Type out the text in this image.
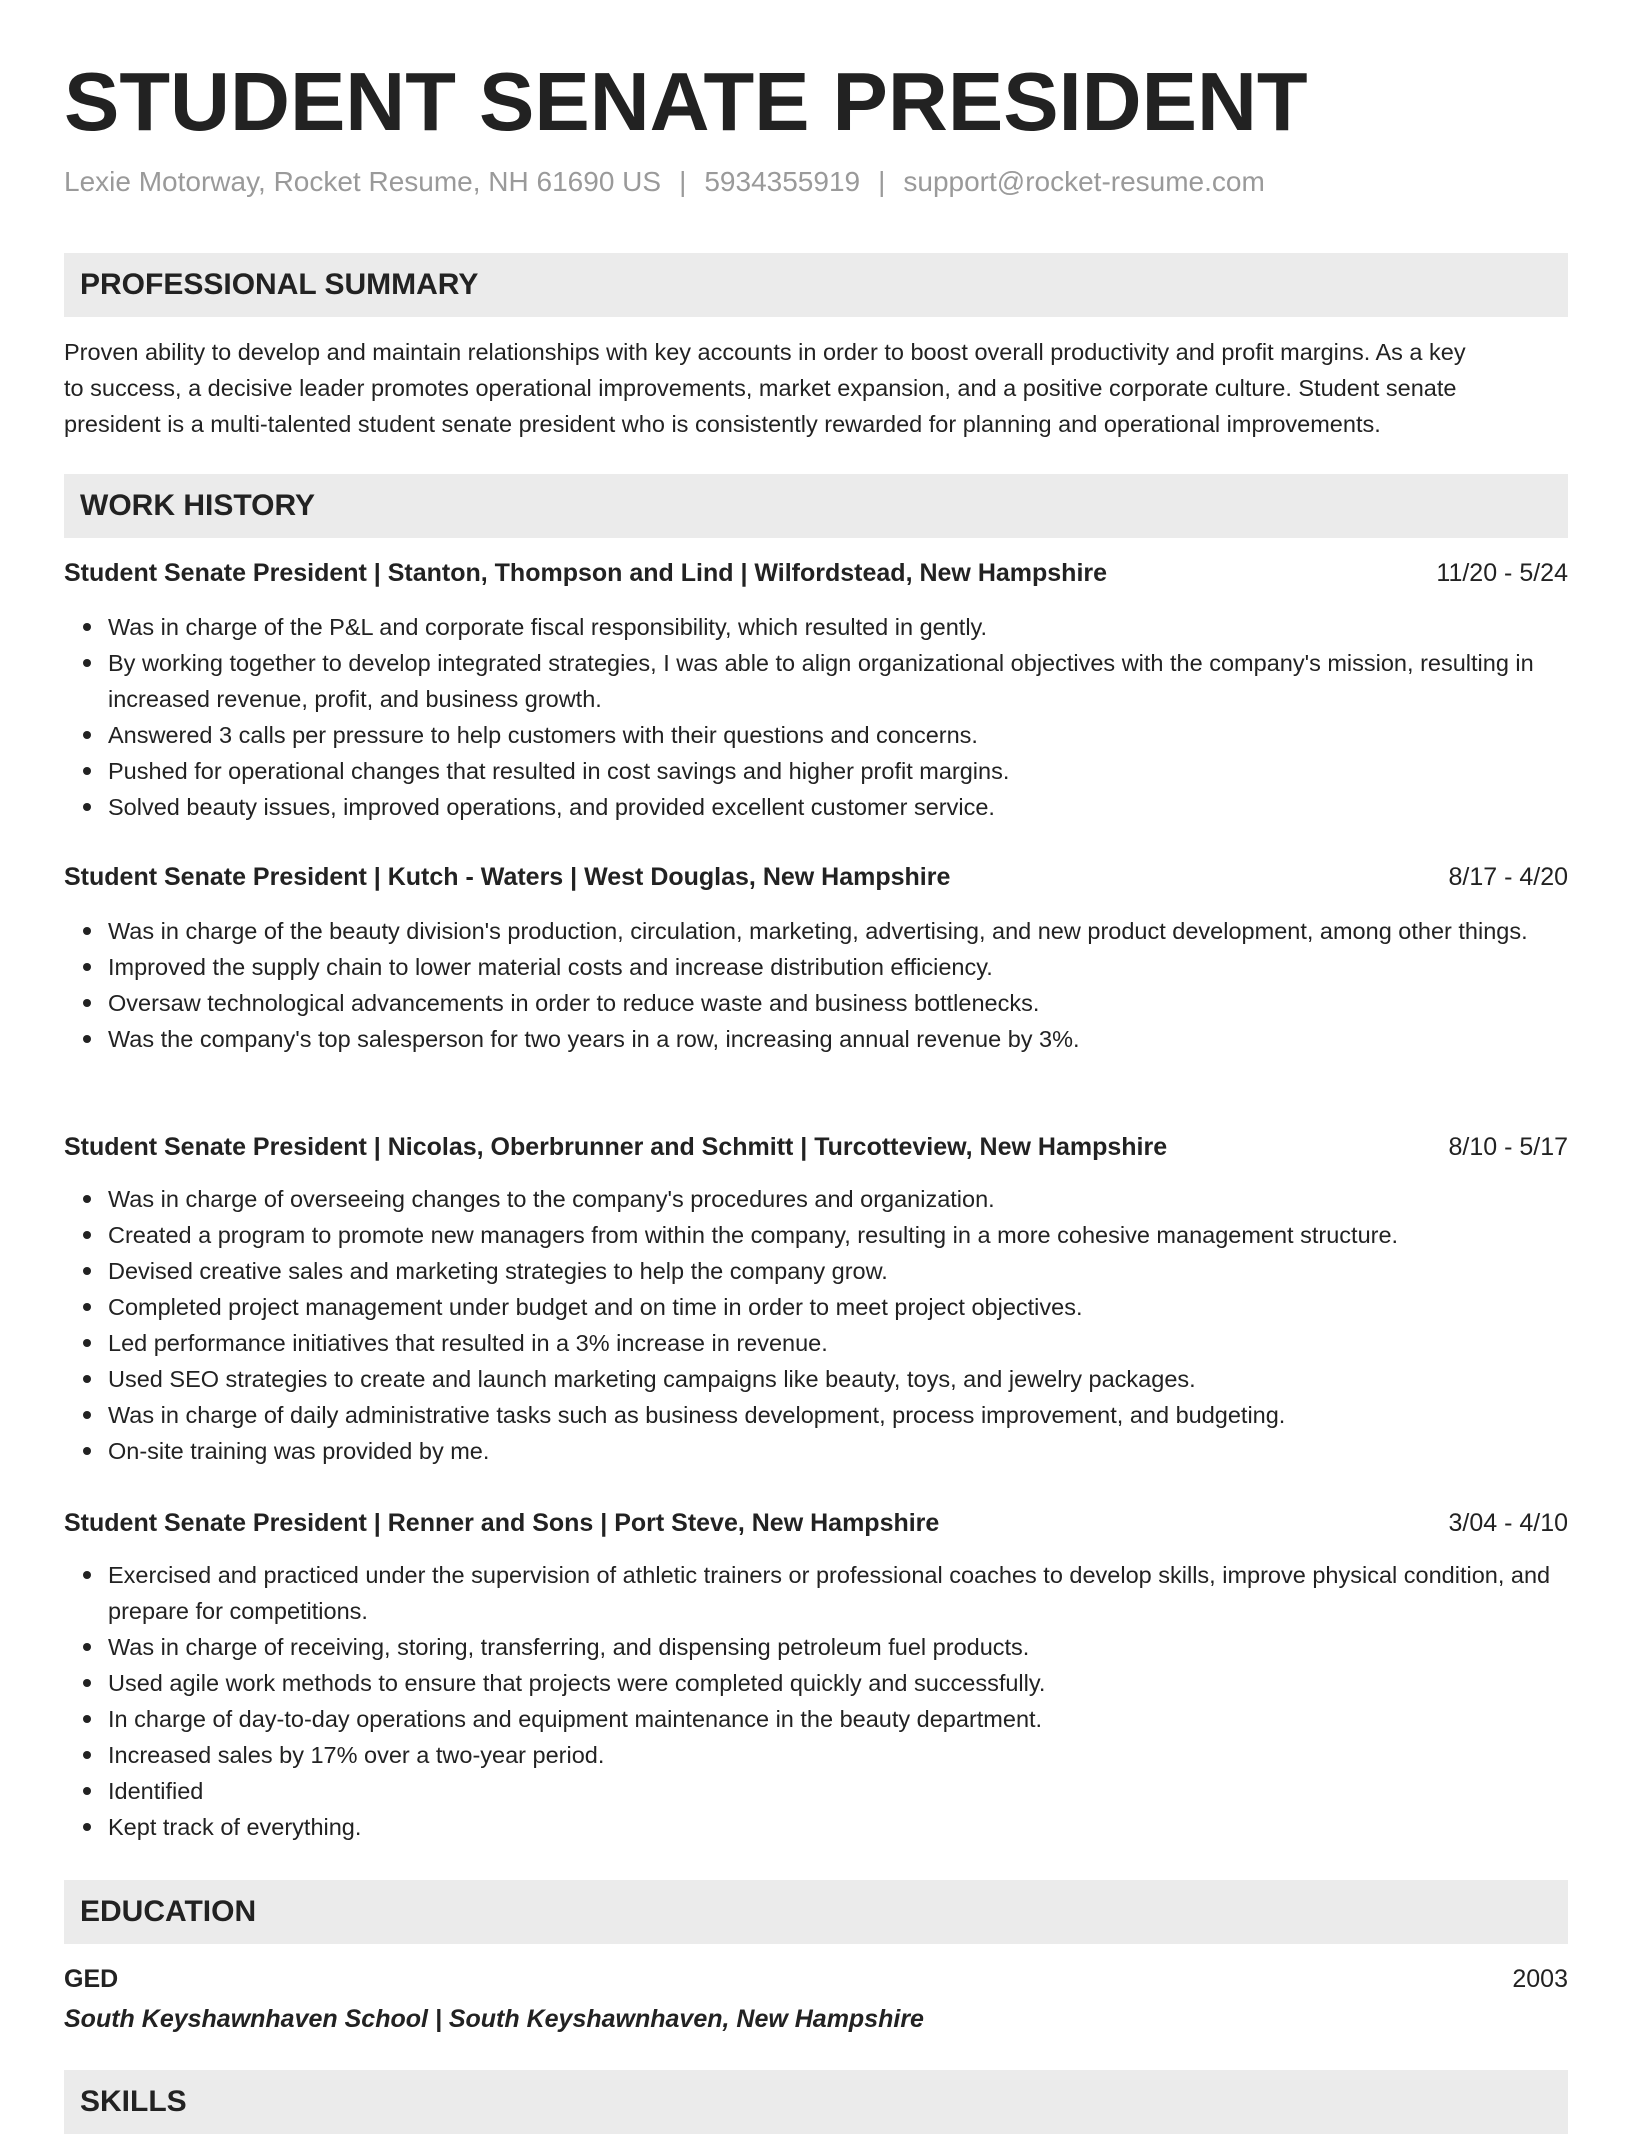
STUDENT SENATE PRESIDENT
Lexie Motorway, Rocket Resume, NH 61690 US | 5934355919 | support@rocket-resume.com
PROFESSIONAL SUMMARY
Proven ability to develop and maintain relationships with key accounts in order to boost overall productivity and profit margins. As a key
to success, a decisive leader promotes operational improvements, market expansion, and a positive corporate culture. Student senate
president is a multi-talented student senate president who is consistently rewarded for planning and operational improvements.
WORK HISTORY
Student Senate President | Stanton, Thompson and Lind | Wilfordstead, New Hampshire	11/20 - 5/24
Was in charge of the P&L and corporate fiscal responsibility, which resulted in gently.
By working together to develop integrated strategies, I was able to align organizational objectives with the company's mission, resulting in increased revenue, profit, and business growth.
Answered 3 calls per pressure to help customers with their questions and concerns.
Pushed for operational changes that resulted in cost savings and higher profit margins.
Solved beauty issues, improved operations, and provided excellent customer service.
Student Senate President | Kutch - Waters | West Douglas, New Hampshire	8/17 - 4/20
Was in charge of the beauty division's production, circulation, marketing, advertising, and new product development, among other things.
Improved the supply chain to lower material costs and increase distribution efficiency.
Oversaw technological advancements in order to reduce waste and business bottlenecks.
Was the company's top salesperson for two years in a row, increasing annual revenue by 3%.
Student Senate President | Nicolas, Oberbrunner and Schmitt | Turcotteview, New Hampshire	8/10 - 5/17
Was in charge of overseeing changes to the company's procedures and organization.
Created a program to promote new managers from within the company, resulting in a more cohesive management structure.
Devised creative sales and marketing strategies to help the company grow.
Completed project management under budget and on time in order to meet project objectives.
Led performance initiatives that resulted in a 3% increase in revenue.
Used SEO strategies to create and launch marketing campaigns like beauty, toys, and jewelry packages.
Was in charge of daily administrative tasks such as business development, process improvement, and budgeting.
On-site training was provided by me.
Student Senate President | Renner and Sons | Port Steve, New Hampshire	3/04 - 4/10
Exercised and practiced under the supervision of athletic trainers or professional coaches to develop skills, improve physical condition, and prepare for competitions.
Was in charge of receiving, storing, transferring, and dispensing petroleum fuel products.
Used agile work methods to ensure that projects were completed quickly and successfully.
In charge of day-to-day operations and equipment maintenance in the beauty department.
Increased sales by 17% over a two-year period.
Identified
Kept track of everything.
EDUCATION
GED	2003
South Keyshawnhaven School | South Keyshawnhaven, New Hampshire
SKILLS
